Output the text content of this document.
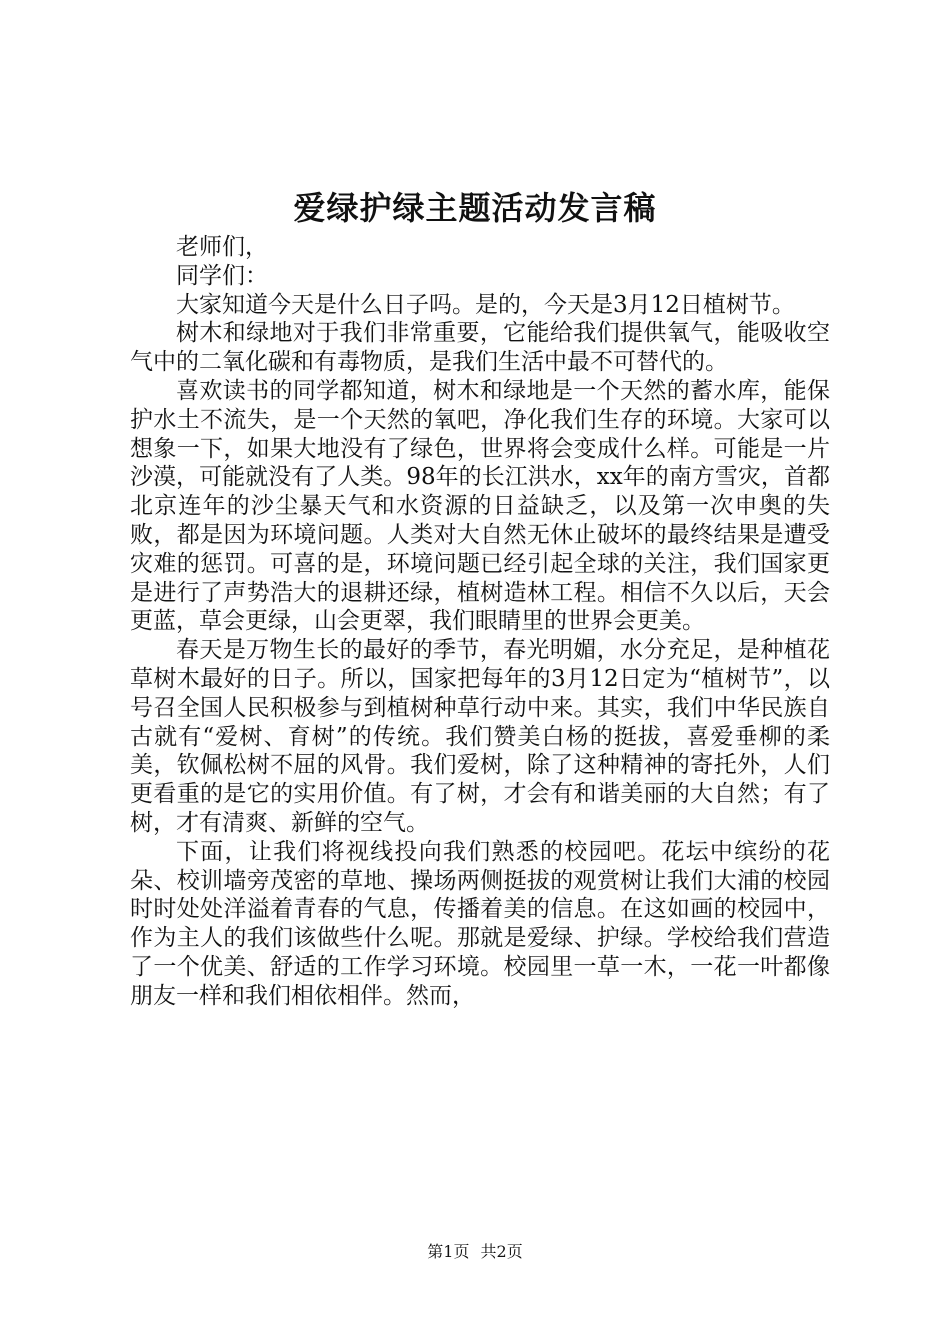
爱绿护绿主题活动发言稿

老师们，

同学们：

大家知道今天是什么日子吗。是的，今天是3月12日植树节。

树木和绿地对于我们非常重要，它能给我们提供氧气，能吸收空气中的二氧化碳和有毒物质，是我们生活中最不可替代的。

喜欢读书的同学都知道，树木和绿地是一个天然的蓄水库，能保护水土不流失，是一个天然的氧吧，净化我们生存的环境。大家可以想象一下，如果大地没有了绿色，世界将会变成什么样。可能是一片沙漠，可能就没有了人类。98年的长江洪水，xx年的南方雪灾，首都北京连年的沙尘暴天气和水资源的日益缺乏，以及第一次申奥的失败，都是因为环境问题。人类对大自然无休止破坏的最终结果是遭受灾难的惩罚。可喜的是，环境问题已经引起全球的关注，我们国家更是进行了声势浩大的退耕还绿，植树造林工程。相信不久以后，天会更蓝，草会更绿，山会更翠，我们眼睛里的世界会更美。

春天是万物生长的最好的季节，春光明媚，水分充足，是种植花草树木最好的日子。所以，国家把每年的3月12日定为“植树节”，以号召全国人民积极参与到植树种草行动中来。其实，我们中华民族自古就有“爱树、育树”的传统。我们赞美白杨的挺拔，喜爱垂柳的柔美，钦佩松树不屈的风骨。我们爱树，除了这种精神的寄托外，人们更看重的是它的实用价值。有了树，才会有和谐美丽的大自然；有了树，才有清爽、新鲜的空气。

下面，让我们将视线投向我们熟悉的校园吧。花坛中缤纷的花朵、校训墙旁茂密的草地、操场两侧挺拔的观赏树让我们大浦的校园时时处处洋溢着青春的气息，传播着美的信息。在这如画的校园中，作为主人的我们该做些什么呢。那就是爱绿、护绿。学校给我们营造了一个优美、舒适的工作学习环境。校园里一草一木，一花一叶都像朋友一样和我们相依相伴。然而，

第1页 共2页
